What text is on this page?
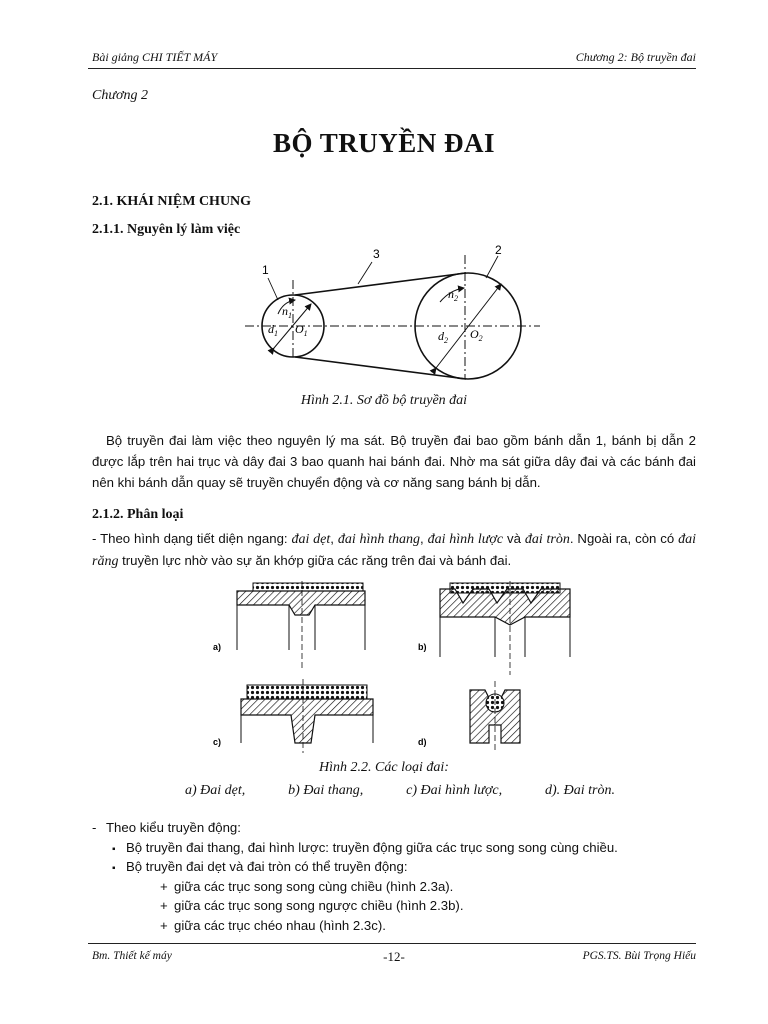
Bài giảng CHI TIẾT MÁY	Chương 2: Bộ truyền đai
Chương 2
BỘ TRUYỀN ĐAI
2.1. KHÁI NIỆM CHUNG
2.1.1. Nguyên lý làm việc
1
3	2
$n_1$
$d_1$ $O_1$
$n_2$
$d_2$ $O_2$
Hình 2.1. Sơ đồ bộ truyền đai
Bộ truyền đai làm việc theo nguyên lý ma sát. Bộ truyền đai bao gồm bánh dẫn 1, bánh bị dẫn 2 được lắp trên hai trục và dây đai 3 bao quanh hai bánh đai. Nhờ ma sát giữa dây đai và các bánh đai nên khi bánh dẫn quay sẽ truyền chuyển động và cơ năng sang bánh bị dẫn.
2.1.2. Phân loại
- Theo hình dạng tiết diện ngang: đai dẹt, đai hình thang, đai hình lược và đai tròn. Ngoài ra, còn có đai răng truyền lực nhờ vào sự ăn khớp giữa các răng trên đai và bánh đai.
a)	b)
c)	d)
Hình 2.2. Các loại đai:
a) Đai dẹt,	b) Đai thang,	c) Đai hình lược,	d). Đai tròn.
- Theo kiểu truyền động:
▪ Bộ truyền đai thang, đai hình lược: truyền động giữa các trục song song cùng chiều.
▪ Bộ truyền đai dẹt và đai tròn có thể truyền động:
+ giữa các trục song song cùng chiều (hình 2.3a).
+ giữa các trục song song ngược chiều (hình 2.3b).
+ giữa các trục chéo nhau (hình 2.3c).
Bm. Thiết kế máy	-12-	PGS.TS. Bùi Trọng Hiếu
